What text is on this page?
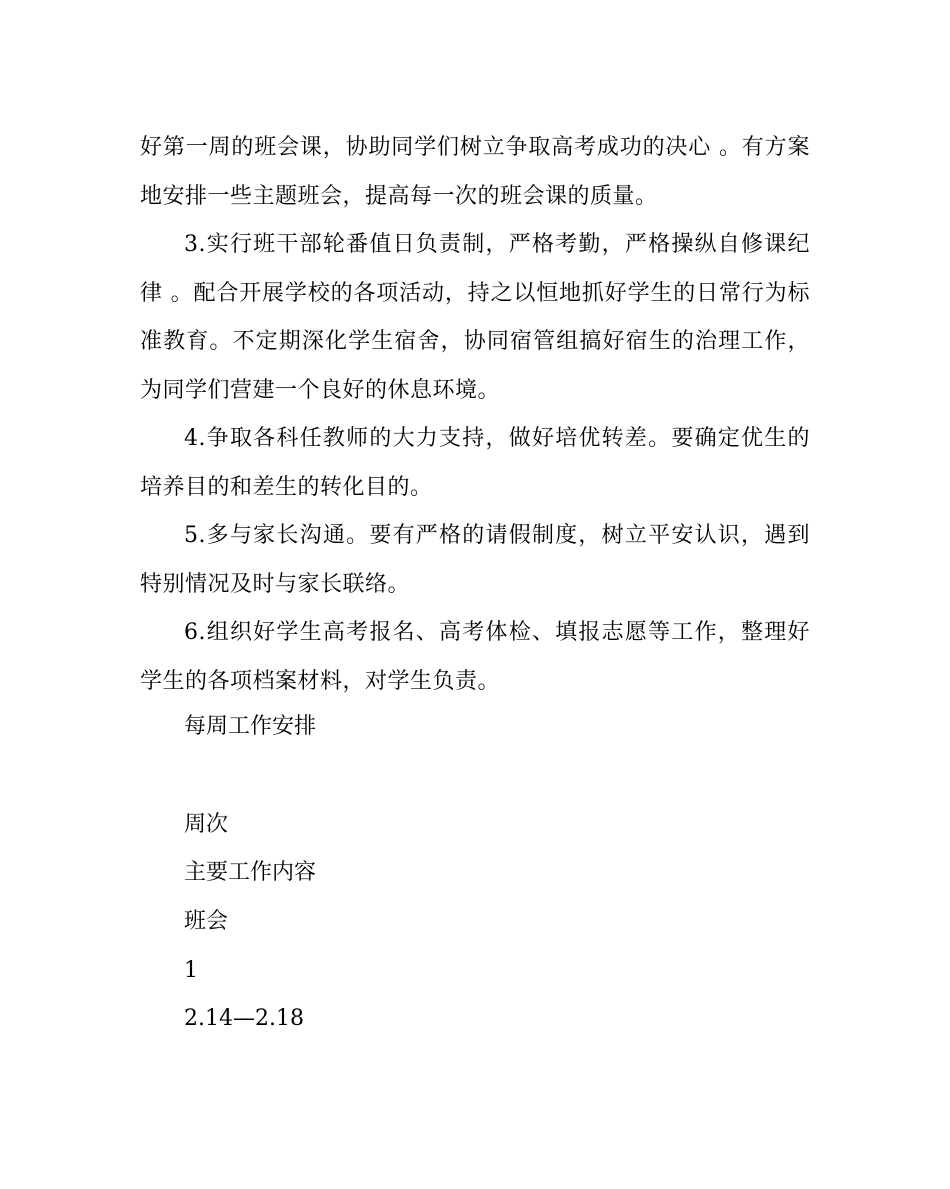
好第一周的班会课，协助同学们树立争取高考成功的决心 。有方案地安排一些主题班会，提高每一次的班会课的质量。

3.实行班干部轮番值日负责制，严格考勤，严格操纵自修课纪律 。配合开展学校的各项活动，持之以恒地抓好学生的日常行为标准教育。不定期深化学生宿舍，协同宿管组搞好宿生的治理工作，为同学们营建一个良好的休息环境。

4.争取各科任教师的大力支持，做好培优转差。要确定优生的培养目的和差生的转化目的。

5.多与家长沟通。要有严格的请假制度，树立平安认识，遇到特别情况及时与家长联络。

6.组织好学生高考报名、高考体检、填报志愿等工作，整理好学生的各项档案材料，对学生负责。

每周工作安排

周次

主要工作内容

班会

1

2.14—2.18
